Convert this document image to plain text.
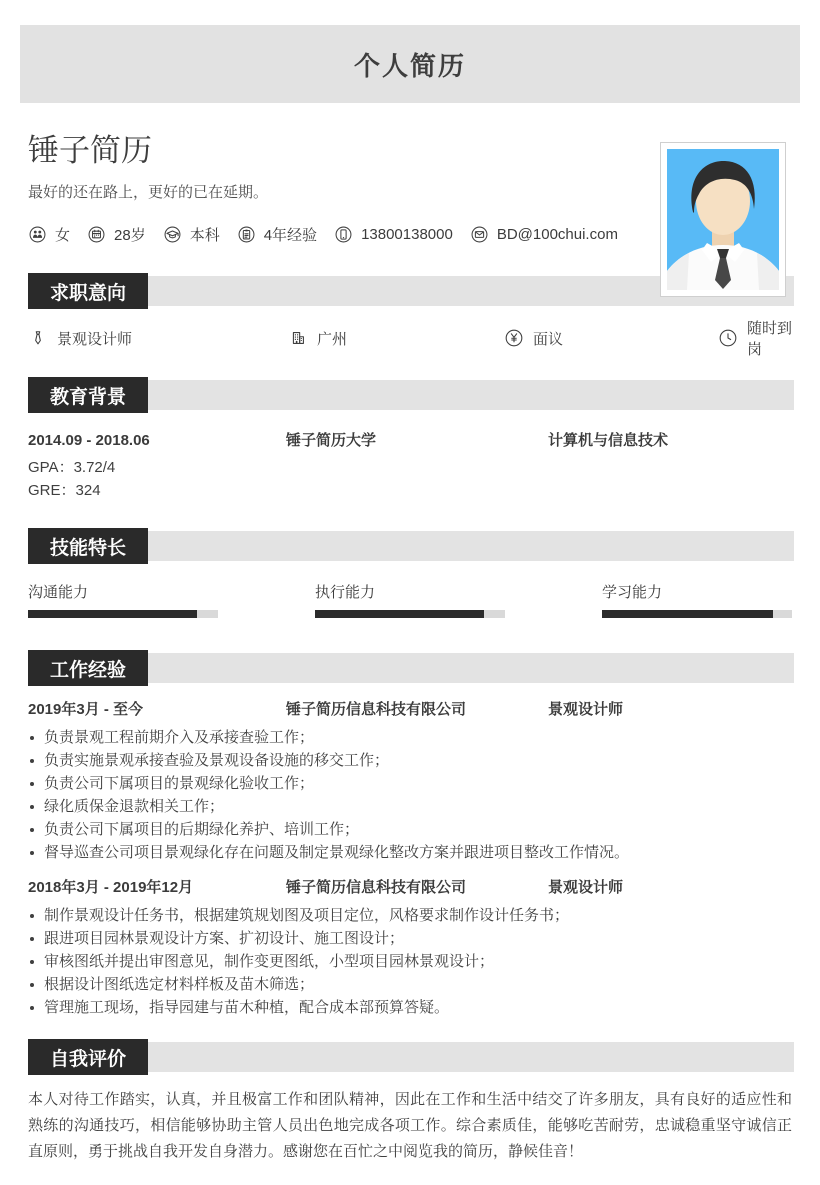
个人简历
锤子简历

最好的还在路上，更好的已在延期。

女	28岁	本科	4年经验	13800138000	BD@100chui.com
求职意向
景观设计师	广州	面议
随时到岗
教育背景
2014.09 - 2018.06	锤子简历大学	计算机与信息技术
GPA：3.72/4
GRE：324
技能特长
沟通能力	执行能力	学习能力
工作经验
2019年3月 - 至今	锤子简历信息科技有限公司	景观设计师
负责景观工程前期介入及承接查验工作；
负责实施景观承接查验及景观设备设施的移交工作；
负责公司下属项目的景观绿化验收工作；
绿化质保金退款相关工作；
负责公司下属项目的后期绿化养护、培训工作；
督导巡查公司项目景观绿化存在问题及制定景观绿化整改方案并跟进项目整改工作情况。
2018年3月 - 2019年12月	锤子简历信息科技有限公司	景观设计师
制作景观设计任务书，根据建筑规划图及项目定位，风格要求制作设计任务书；
跟进项目园林景观设计方案、扩初设计、施工图设计；
审核图纸并提出审图意见，制作变更图纸，小型项目园林景观设计；
根据设计图纸选定材料样板及苗木筛选；
管理施工现场，指导园建与苗木种植，配合成本部预算答疑。
自我评价

本人对待工作踏实，认真，并且极富工作和团队精神，因此在工作和生活中结交了许多朋友，具有良好的适应性和熟练的沟通技巧，相信能够协助主管人员出色地完成各项工作。综合素质佳，能够吃苦耐劳，忠诚稳重坚守诚信正直原则，勇于挑战自我开发自身潜力。感谢您在百忙之中阅览我的简历，静候佳音！
